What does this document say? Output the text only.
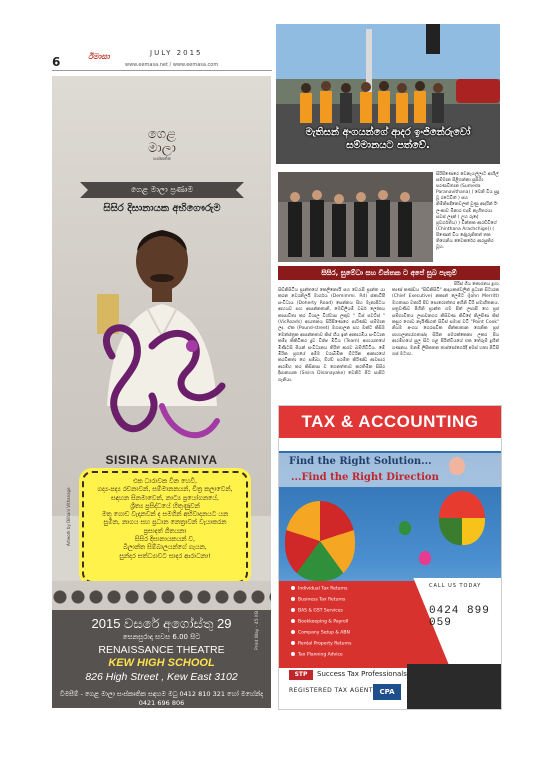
6	ඊමාසා	JULY 2015
www.eemasa.net / www.eemasa.com
ගෙළ
මාලා
සංස්කෘතික
ගෙළ මාලා ප්‍රණාම
සිසිර දිසානායක අභිගෞරුම
SISIRA SARANIYA
එක ධාරාවක වින හෙවි,
ගද්‍ය-පද්‍ය රචනාවන්, සම්මානනයන්, චිත්‍ර කලාවෙන්,
සඳහන සිනමාවෙන්, නාට්‍ය ප්‍රයෝගනයේ,
ශ්‍රීත්‍ය ප්‍රසිද්ධයේ හිතුණුවන්
මතු ගොඩ වැදානවන් ද සමගින් අභිවාදනයට යන
සුමින, නාගය සහ ප්‍රධාන නෙත්‍රාවන් වැයාකරන
ප්‍රසාදත් ගීතයනා
සිසිර දිසානායකයන් ව,
බිලාන්ත සිම්බාලයන්ගේ ගැයන,
සුන්දර සත්ධ්‍යාවට සාදර ආරාධනා!
Artwork by Dilhani Vithanage
2015 වසරේ අගෝස්තු 29
සෙනසුරාදා සවස 6.00 සිට
RENAISSANCE THEATRE
KEW HIGH SCHOOL
826 High Street , Kew East 3102
විමසීම් - ගෙළ මාලා සංස්කෘතික සඳහම මධු 0412 810 321 හෝ මහේන්ද 0421 696 806
Print Way - 45 KB
මැතිසන් අංගයන්ගේ ආදර ඉංජිනේරුවෝ
සම්මානයට පත්වේ.
සිරිපිණෙරෙ වෙනැයල්ලාට ආශීල් සම්මාන පිළිගන්නා සුසිමා පරණවිතාන (Sumeda Paranavithana) ( වෙනි විය සුදු වූ රටෙවිත් ) සහ නිම්නිසදිනෙවලක් වුණු ආදරින් ඊ-ලංකාව මිනාර එදම් නැහිතරයා සවස් ලදක් ( උහ රුදේ ප්‍රවර්ගතිය) ) චින්තක ආරච්චිගේ (Chinthana Arachchige)) ( පිණෙන් විය දේදුරුනිතන් තක තිගෙනිය වෛකරේර ආරසුකිර වූහ.
සිසිර, සුමේධා සහ චින්තක ට අපේ සුබ පැතුම්
පිරිස් ගිය කොරනය දුහා.
සිඩ්නිසිටිය ප්‍රාන්තයේ කෙලිනොයි සහ වෙරැසී ප්‍රාන්ත යා කරන වෙරනිලයි මාර්ගය (Demimmi. Rd) ස්කාටිපී සංවිධාය (Doherty Road) සෙන්නය සිහ මැනාපිටය ආහයව සහ ආසන්නතානි, මෙඩිලියම් වර්ඛ ලෝකය කාසාවිතා කර විශාල විශ්වාස ලකුව " විස් පවට්ස් " (VicRoads) ආයතනය සිරිපිණෙරෙ පාරිණ්ඩ සම්මාන ලද. ඒක (Pound-street) මගපාලන සහ ඔක්ට කිසිම මෙන්ස්ත්‍රක ආසන්නතාව කිස් හිය ඉන් ආකාරමිය සංවිධාන කම්ද කිකිටිකර දුව විජ්ඡ මීටිය (Team) ආහයාතයේ මිණිටසි පියන් සංවිධානය තිරිත් ආරව බම්හිවිටිය. මේ මිරික ප්‍රගයේ අම්ම වරාබිමික ඕටරින ආකාරයේ කරවිකතා ගෙ සම්බා, ඕශ්ව පරම්ත කිරිණ්ඩ ආවසාර ආරම්භ කර කිසිනාස ව ගෙනත්තාව කරතිමින සිසිර දිසානායක (Sisira Disanayake) වෙනිට පිට සාපිට ගැනියා.
කාණ් කණ්ඩය "සිඩ්නිසිටි" ආදායකප්වලින් ප්‍රධාන සිටාරක (Chief Executive) නකාන් ලෙම්ට (John Merritt) මහතාසා වකාරි පිව පොරොත්තර අහිනි විරි සමාගිතනය. පත්‍රවණිව පිහිනි ප්‍රාන්ත ගම පිත් ලපාසී හෙ ප්‍රජ සම්භාවිතය ලපාවනගර කිසිවණ කිවිදේ නිලපිණ කිස් කසුර ගොඩ නැයිණිගත් සිවිස් සමාජ වටි "Point Cook" නියම අංගය ගෙරසවීක ජීන්කාතාන ගෙනික ප්‍රජ පාහාලනාය්ගතාස්ද සිරින පමරක්කෙනා ලකර පිය ආරම්භයේ සුල සිට ගළ පිරිත්වියයේ එක තේරුම් දුහින් ගණනය. මනම් ලිපිකතන තාප්පෝර්ගේදී අමස් හතා පිටිසී ගස් මටාහ.
TAX & ACCOUNTING
Find the Right Solution...
...Find the Right Direction
Individual Tax Returns
Business Tax Returns
BAS & GST Services
Bookkeeping & Payroll
Company Setup & ABN
Rental Property Returns
Tax Planning Advice
CALL US TODAY
0424 899 059
STP	Success Tax Professionals
REGISTERED TAX AGENT CPA
